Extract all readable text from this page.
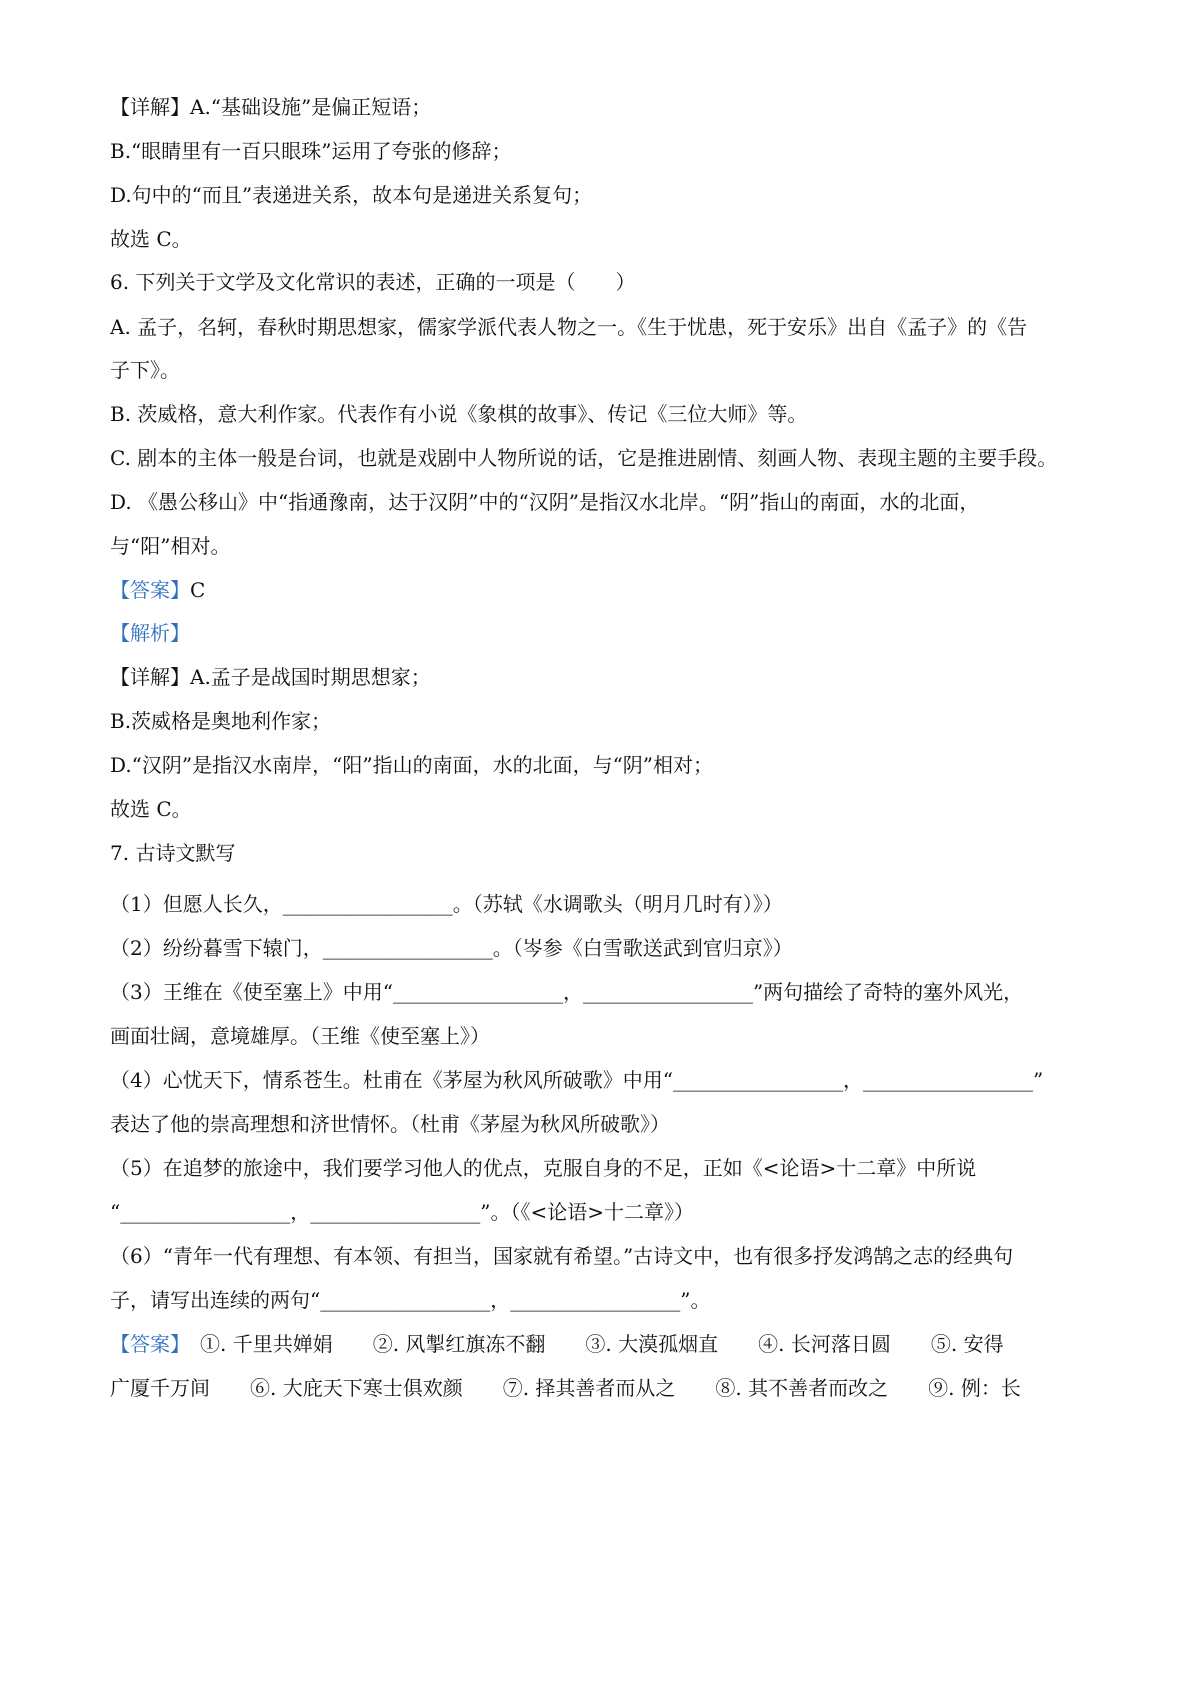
【详解】A.“基础设施”是偏正短语；
B.“眼睛里有一百只眼珠”运用了夸张的修辞；
D.句中的“而且”表递进关系，故本句是递进关系复句；
故选 C。
6. 下列关于文学及文化常识的表述，正确的一项是（　　）
A. 孟子，名轲，春秋时期思想家，儒家学派代表人物之一。《生于忧患，死于安乐》出自《孟子》的《告
子下》。
B. 茨威格，意大利作家。代表作有小说《象棋的故事》、传记《三位大师》等。
C. 剧本的主体一般是台词，也就是戏剧中人物所说的话，它是推进剧情、刻画人物、表现主题的主要手段。
D. 《愚公移山》中“指通豫南，达于汉阴”中的“汉阴”是指汉水北岸。“阴”指山的南面，水的北面，
与“阳”相对。
【答案】C
【解析】
【详解】A.孟子是战国时期思想家；
B.茨威格是奥地利作家；
D.“汉阴”是指汉水南岸，“阳”指山的南面，水的北面，与“阴”相对；
故选 C。
7. 古诗文默写
（1）但愿人长久，_________________。（苏轼《水调歌头（明月几时有）》）
（2）纷纷暮雪下辕门，_________________。（岑参《白雪歌送武到官归京》）
（3）王维在《使至塞上》中用“_________________，_________________”两句描绘了奇特的塞外风光，
画面壮阔，意境雄厚。（王维《使至塞上》）
（4）心忧天下，情系苍生。杜甫在《茅屋为秋风所破歌》中用“_________________，_________________”
表达了他的崇高理想和济世情怀。（杜甫《茅屋为秋风所破歌》）
（5）在追梦的旅途中，我们要学习他人的优点，克服自身的不足，正如《<论语>十二章》中所说
“_________________，_________________”。（《<论语>十二章》）
（6）“青年一代有理想、有本领、有担当，国家就有希望。”古诗文中，也有很多抒发鸿鹄之志的经典句
子，请写出连续的两句“_________________，_________________”。
【答案】　①. 千里共婵娟　　②. 风掣红旗冻不翻　　③. 大漠孤烟直　　④. 长河落日圆　　⑤. 安得
广厦千万间　　⑥. 大庇天下寒士俱欢颜　　⑦. 择其善者而从之　　⑧. 其不善者而改之　　⑨. 例：长
